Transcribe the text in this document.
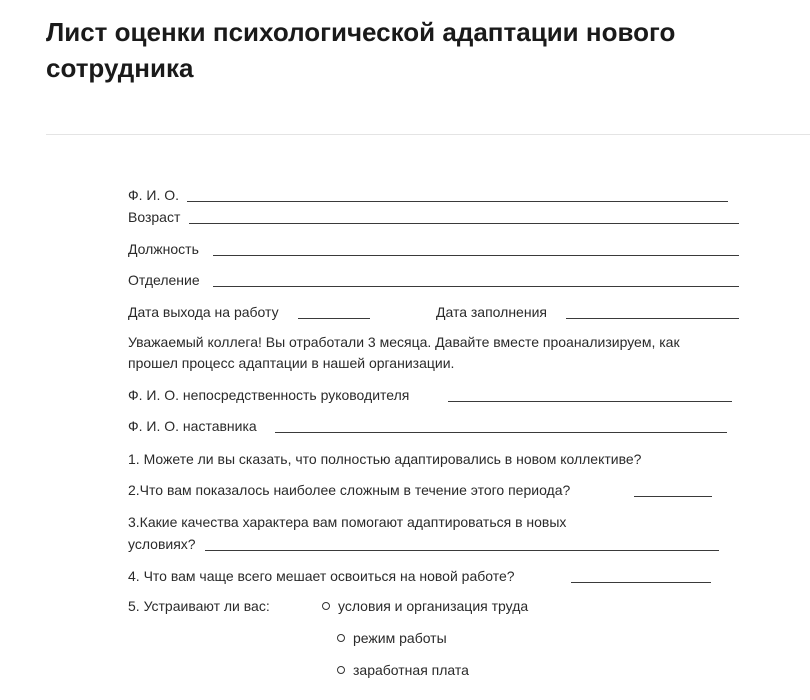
Лист оценки психологической адаптации нового сотрудника
Ф. И. О.
Возраст
Должность
Отделение
Дата выхода на работу	Дата заполнения
Уважаемый коллега! Вы отработали 3 месяца. Давайте вместе проанализируем, как
прошел процесс адаптации в нашей организации.
Ф. И. О. непосредственность руководителя
Ф. И. О. наставника
1. Можете ли вы сказать, что полностью адаптировались в новом коллективе?
2.Что вам показалось наиболее сложным в течение этого периода?
3.Какие качества характера вам помогают адаптироваться в новых
условиях?
4. Что вам чаще всего мешает освоиться на новой работе?
5. Устраивают ли вас:	условия и организация труда
режим работы
заработная плата
